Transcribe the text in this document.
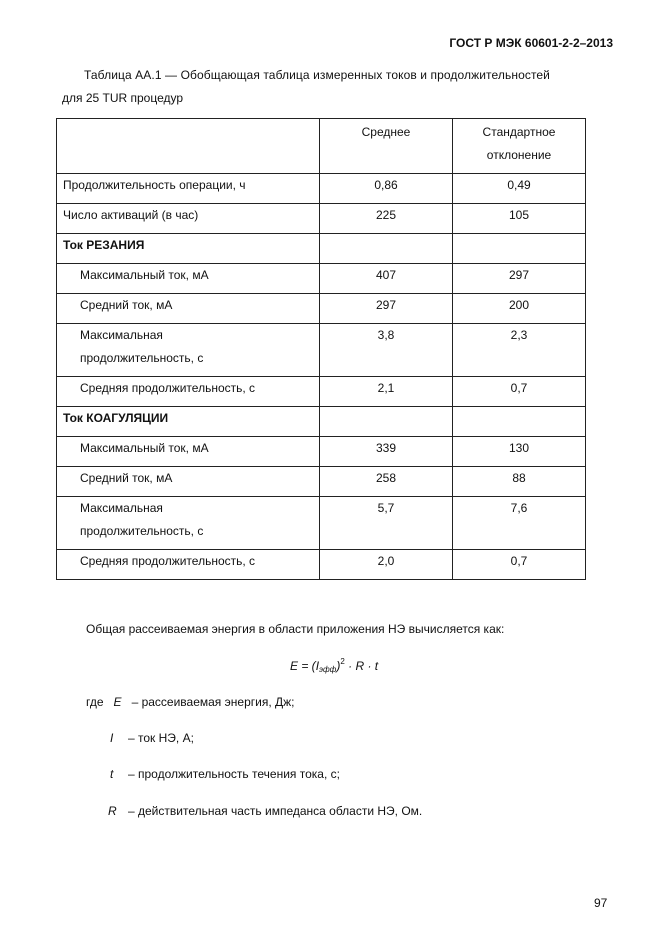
ГОСТ Р МЭК 60601-2-2–2013
Таблица АА.1 — Обобщающая таблица измеренных токов и продолжительностей
для 25 TUR процедур
	Среднее	Стандартное
отклонение
Продолжительность операции, ч	0,86	0,49
Число активаций (в час)	225	105
Ток РЕЗАНИЯ		
Максимальный ток, мА	407	297
Средний ток, мА	297	200
Максимальная
продолжительность, с	3,8	2,3
Средняя продолжительность, с	2,1	0,7
Ток КОАГУЛЯЦИИ		
Максимальный ток, мА	339	130
Средний ток, мА	258	88
Максимальная
продолжительность, с	5,7	7,6
Средняя продолжительность, с	2,0	0,7
Общая рассеиваемая энергия в области приложения НЭ вычисляется как:
$E = (I_{эфф})^2 \cdot R \cdot t$
где E – рассеиваемая энергия, Дж;
I – ток НЭ, А;
t – продолжительность течения тока, с;
R – действительная часть импеданса области НЭ, Ом.
97
